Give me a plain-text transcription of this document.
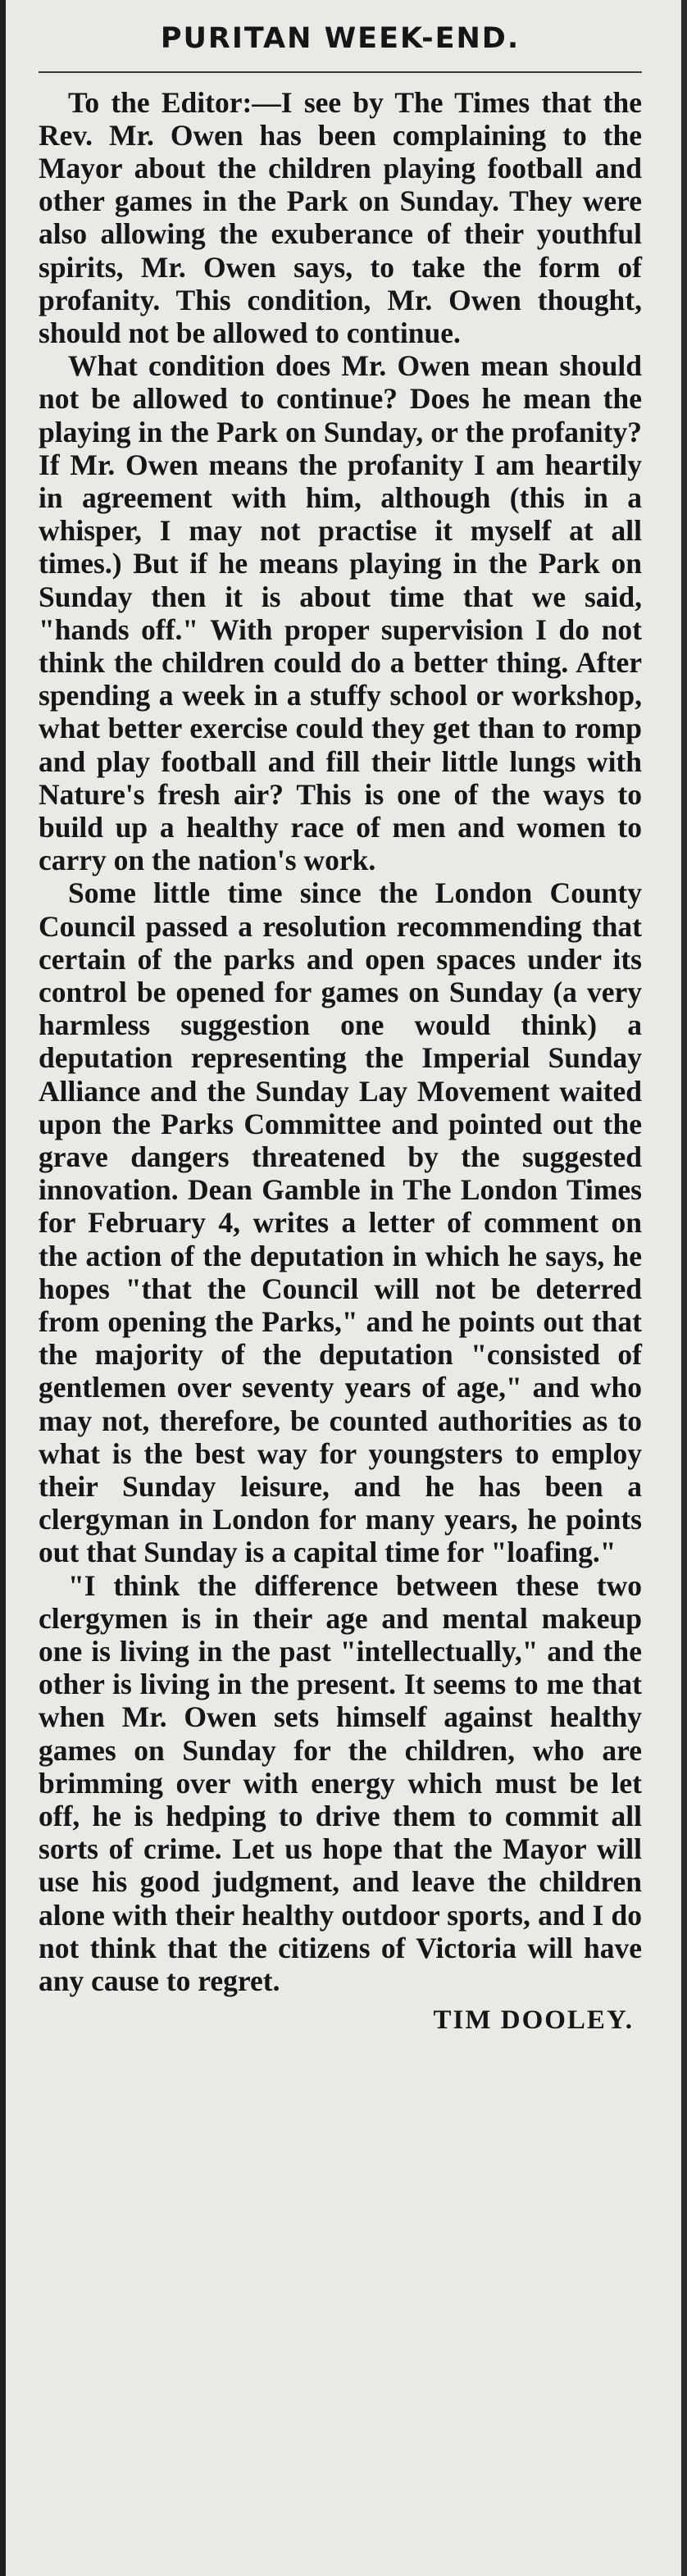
PURITAN WEEK-END.

To the Editor:—I see by The Times that the Rev. Mr. Owen has been complaining to the Mayor about the children playing football and other games in the Park on Sunday. They were also allowing the exuberance of their youthful spirits, Mr. Owen says, to take the form of profanity. This condition, Mr. Owen thought, should not be allowed to continue.

What condition does Mr. Owen mean should not be allowed to continue? Does he mean the playing in the Park on Sunday, or the profanity? If Mr. Owen means the profanity I am heartily in agreement with him, although (this in a whisper, I may not practise it myself at all times.) But if he means playing in the Park on Sunday then it is about time that we said, "hands off." With proper supervision I do not think the children could do a better thing. After spending a week in a stuffy school or workshop, what better exercise could they get than to romp and play football and fill their little lungs with Nature's fresh air? This is one of the ways to build up a healthy race of men and women to carry on the nation's work.

Some little time since the London County Council passed a resolution recommending that certain of the parks and open spaces under its control be opened for games on Sunday (a very harmless suggestion one would think) a deputation representing the Imperial Sunday Alliance and the Sunday Lay Movement waited upon the Parks Committee and pointed out the grave dangers threatened by the suggested innovation. Dean Gamble in The London Times for February 4, writes a letter of comment on the action of the deputation in which he says, he hopes "that the Council will not be deterred from opening the Parks," and he points out that the majority of the deputation "consisted of gentlemen over seventy years of age," and who may not, therefore, be counted authorities as to what is the best way for youngsters to employ their Sunday leisure, and he has been a clergyman in London for many years, he points out that Sunday is a capital time for "loafing."

"I think the difference between these two clergymen is in their age and mental makeup one is living in the past "intellectually," and the other is living in the present. It seems to me that when Mr. Owen sets himself against healthy games on Sunday for the children, who are brimming over with energy which must be let off, he is hedping to drive them to commit all sorts of crime. Let us hope that the Mayor will use his good judgment, and leave the children alone with their healthy outdoor sports, and I do not think that the citizens of Victoria will have any cause to regret.

TIM DOOLEY.
